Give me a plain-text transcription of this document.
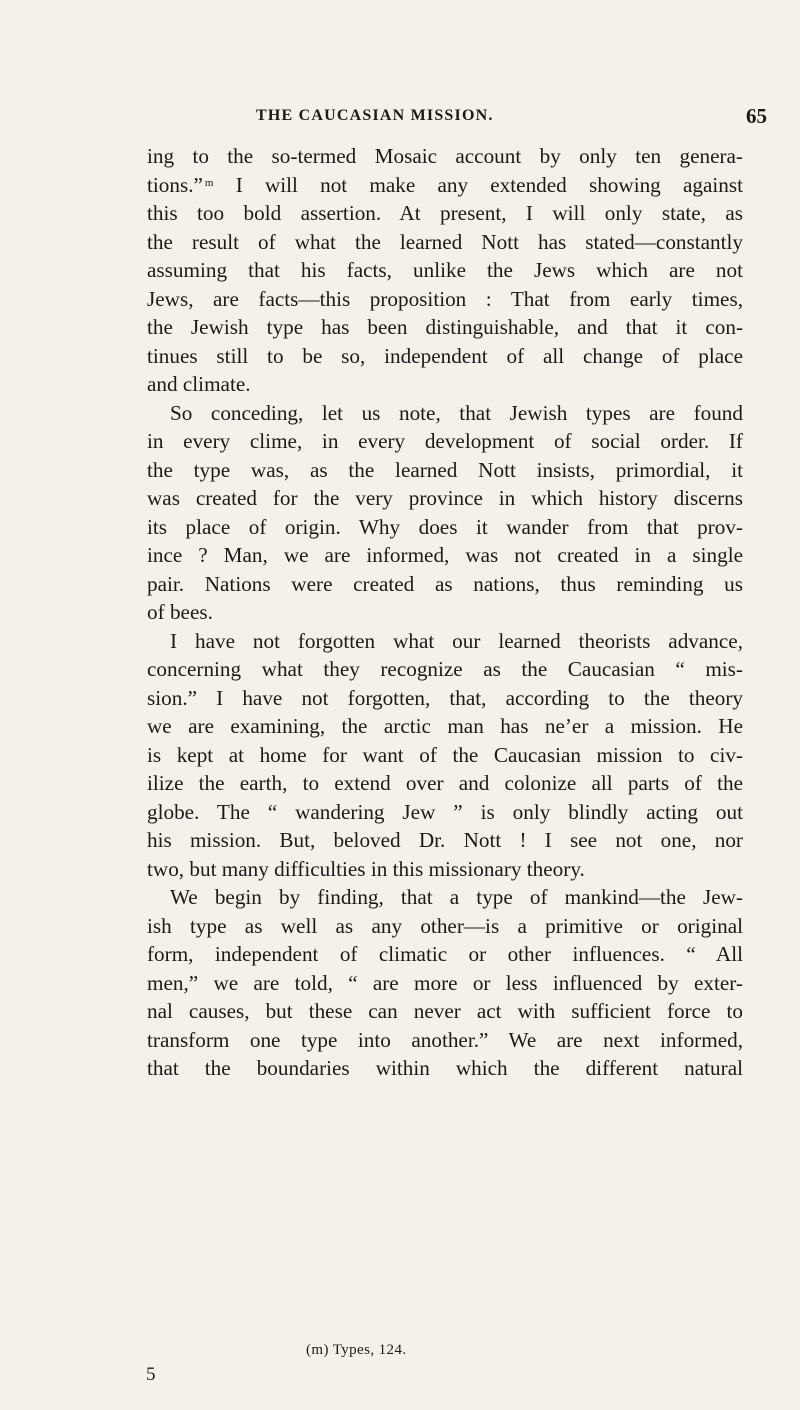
THE CAUCASIAN MISSION.	65
ing to the so-termed Mosaic account by only ten genera-
tions.” $^m$ I will not make any extended showing against
this too bold assertion. At present, I will only state, as
the result of what the learned Nott has stated—constantly
assuming that his facts, unlike the Jews which are not
Jews, are facts—this proposition : That from early times,
the Jewish type has been distinguishable, and that it con-
tinues still to be so, independent of all change of place
and climate.
So conceding, let us note, that Jewish types are found
in every clime, in every development of social order. If
the type was, as the learned Nott insists, primordial, it
was created for the very province in which history discerns
its place of origin. Why does it wander from that prov-
ince ? Man, we are informed, was not created in a single
pair. Nations were created as nations, thus reminding us
of bees.
I have not forgotten what our learned theorists advance,
concerning what they recognize as the Caucasian “ mis-
sion.” I have not forgotten, that, according to the theory
we are examining, the arctic man has ne’er a mission. He
is kept at home for want of the Caucasian mission to civ-
ilize the earth, to extend over and colonize all parts of the
globe. The “ wandering Jew ” is only blindly acting out
his mission. But, beloved Dr. Nott ! I see not one, nor
two, but many difficulties in this missionary theory.
We begin by finding, that a type of mankind—the Jew-
ish type as well as any other—is a primitive or original
form, independent of climatic or other influences. “ All
men,” we are told, “ are more or less influenced by exter-
nal causes, but these can never act with sufficient force to
transform one type into another.” We are next informed,
that the boundaries within which the different natural
(m) Types, 124.
5
